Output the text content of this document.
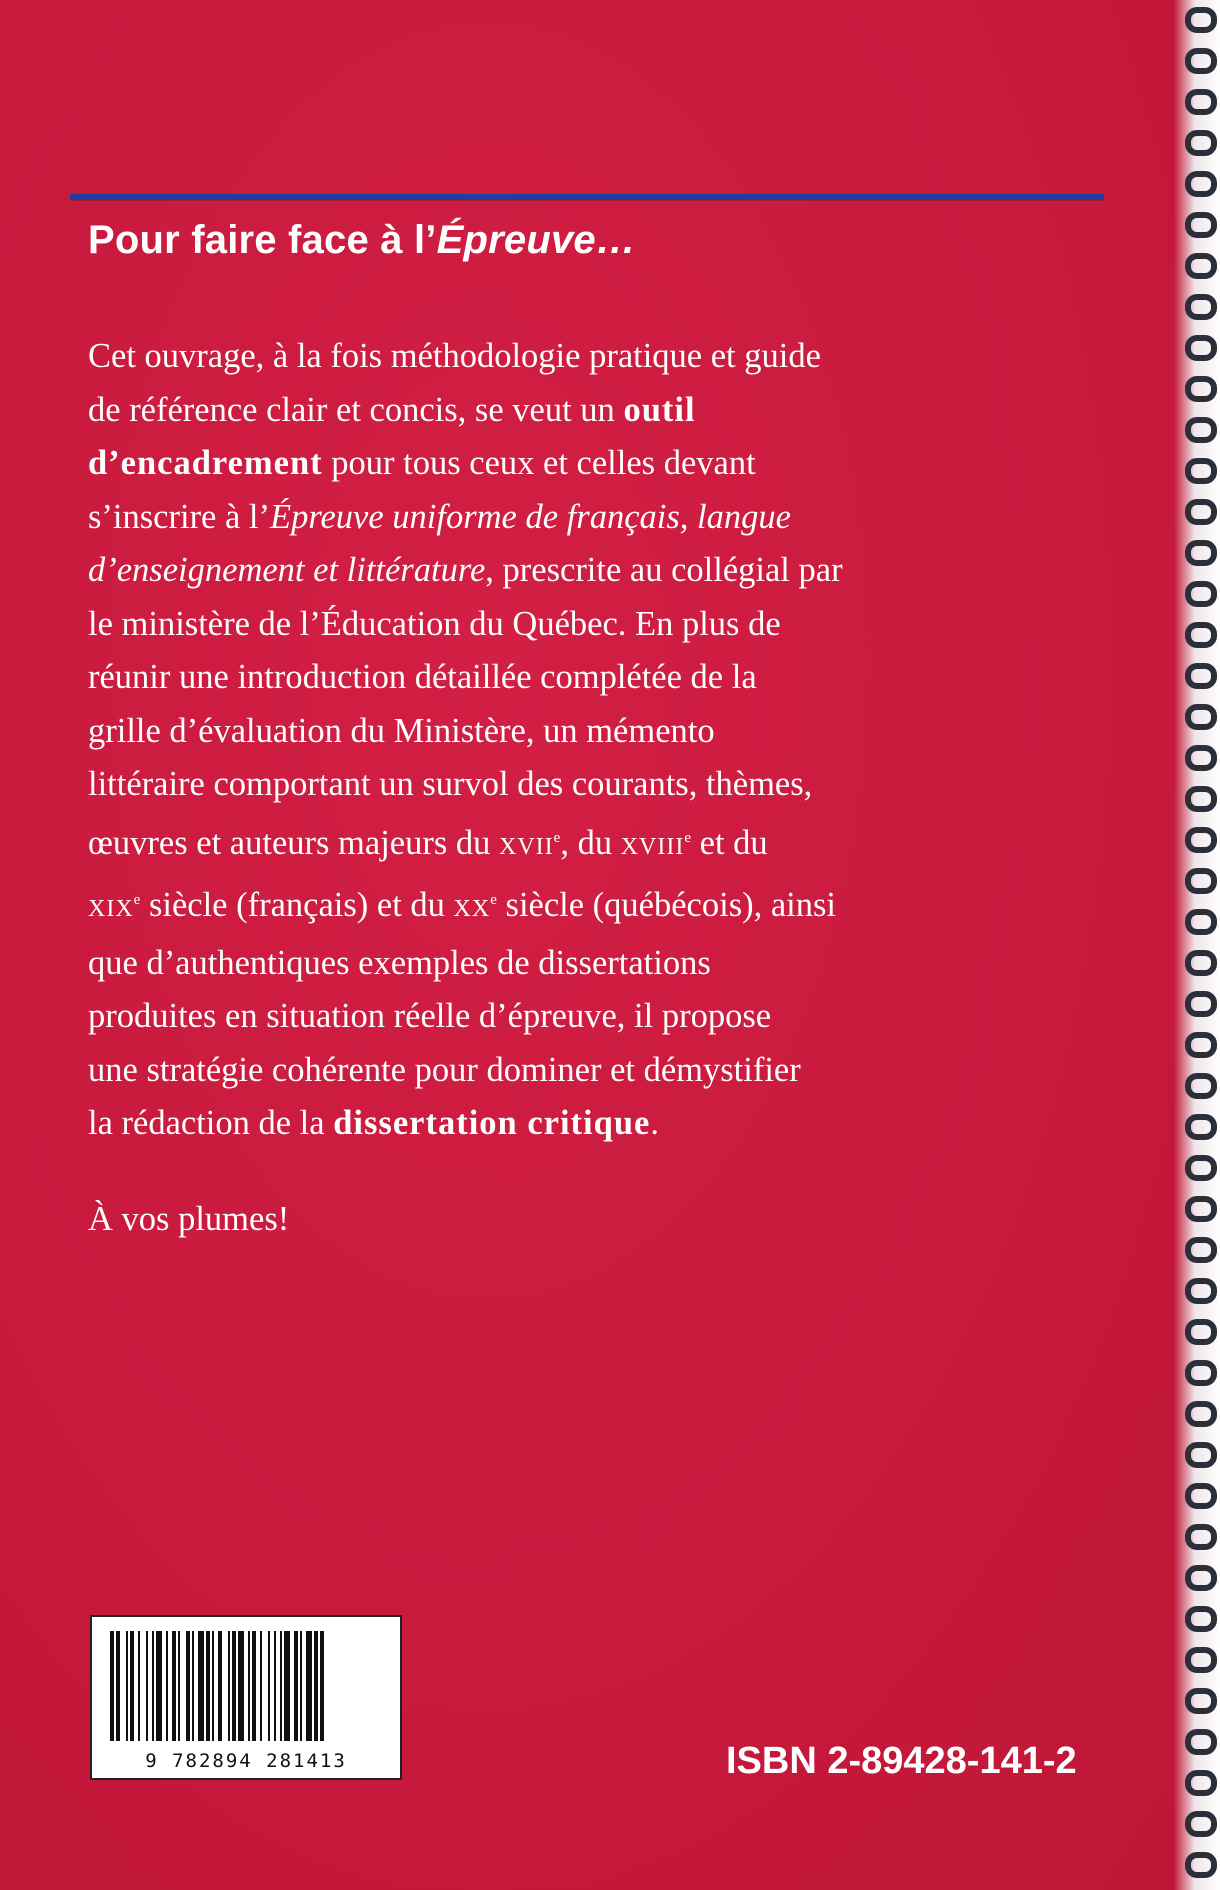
Pour faire face à l’Épreuve…

Cet ouvrage, à la fois méthodologie pratique et guide
de référence clair et concis, se veut un outil
d’encadrement pour tous ceux et celles devant
s’inscrire à l’Épreuve uniforme de français, langue
d’enseignement et littérature, prescrite au collégial par
le ministère de l’Éducation du Québec. En plus de
réunir une introduction détaillée complétée de la
grille d’évaluation du Ministère, un mémento
littéraire comportant un survol des courants, thèmes,
œuvres et auteurs majeurs du XVIIe, du XVIIIe et du
XIXe siècle (français) et du XXe siècle (québécois), ainsi
que d’authentiques exemples de dissertations
produites en situation réelle d’épreuve, il propose
une stratégie cohérente pour dominer et démystifier
la rédaction de la dissertation critique.

À vos plumes!

9 782894 281413	ISBN 2-89428-141-2
